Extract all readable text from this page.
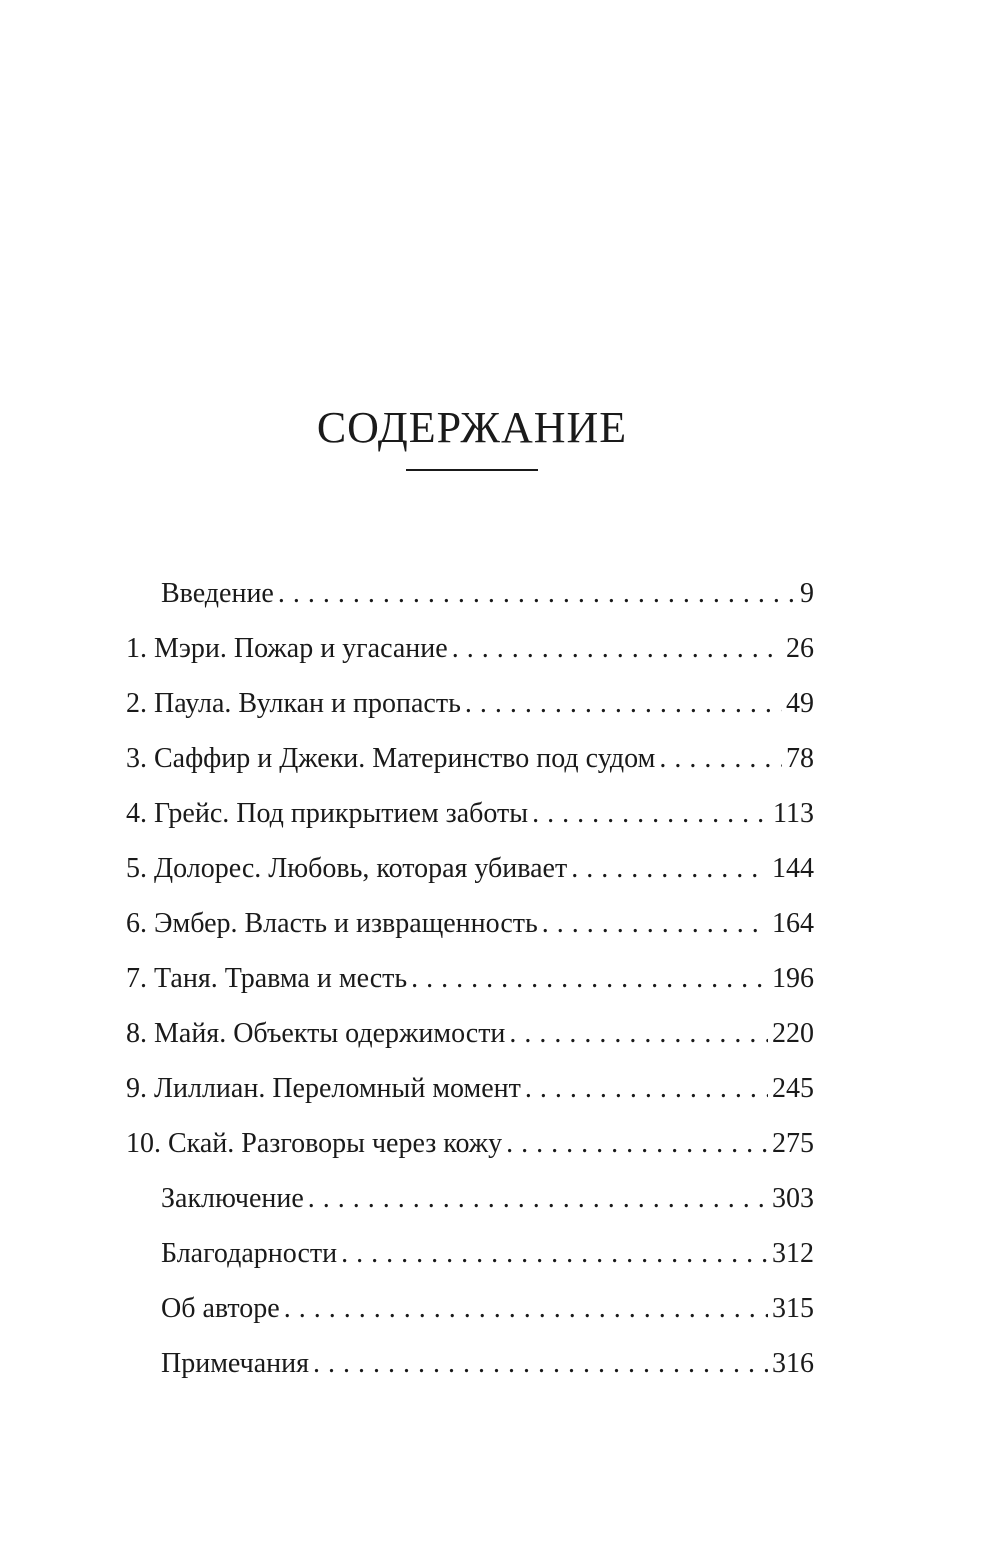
СОДЕРЖАНИЕ
Введение . . .	9
1. Мэри. Пожар и угасание . . .	26
2. Паула. Вулкан и пропасть . . .	49
3. Саффир и Джеки. Материнство под судом . . .	78
4. Грейс. Под прикрытием заботы . . .	113
5. Долорес. Любовь, которая убивает . . .	144
6. Эмбер. Власть и извращенность . . .	164
7. Таня. Травма и месть . . .	196
8. Майя. Объекты одержимости . . .	220
9. Лиллиан. Переломный момент . . .	245
10. Скай. Разговоры через кожу . . .	275
Заключение . . .	303
Благодарности . . .	312
Об авторе . . .	315
Примечания . . .	316
